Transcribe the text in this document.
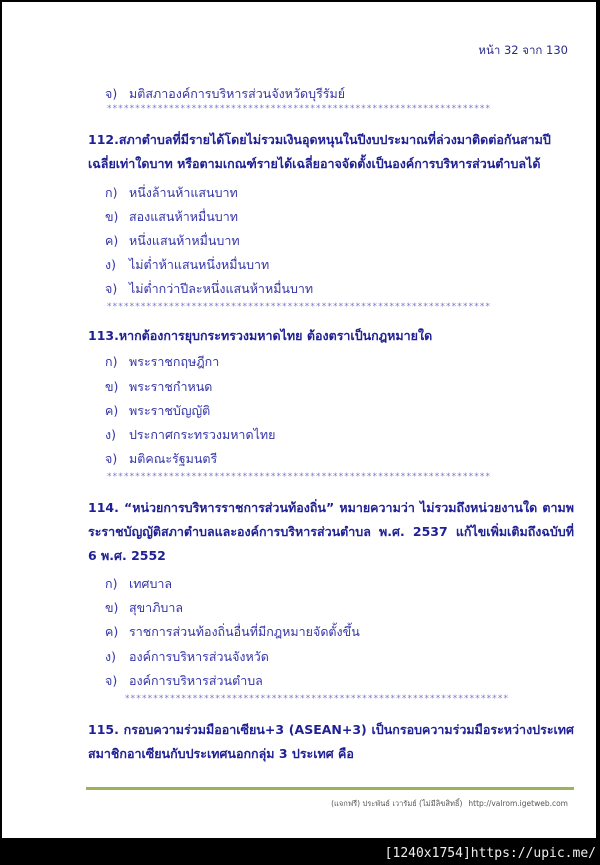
หน้า 32 จาก 130
จ) มติสภาองค์การบริหารส่วนจังหวัดบุรีรัมย์
********************************************************************
112.สภาตำบลที่มีรายได้โดยไม่รวมเงินอุดหนุนในปีงบประมาณที่ล่วงมาติดต่อกันสามปีเฉลี่ยเท่าใดบาท หรือตามเกณฑ์รายได้เฉลี่ยอาจจัดตั้งเป็นองค์การบริหารส่วนตำบลได้
ก) หนึ่งล้านห้าแสนบาท
ข) สองแสนห้าหมื่นบาท
ค) หนึ่งแสนห้าหมื่นบาท
ง) ไม่ต่ำห้าแสนหนึ่งหมื่นบาท
จ) ไม่ต่ำกว่าปีละหนึ่งแสนห้าหมื่นบาท
********************************************************************
113.หากต้องการยุบกระทรวงมหาดไทย ต้องตราเป็นกฎหมายใด
ก) พระราชกฤษฎีกา
ข) พระราชกำหนด
ค) พระราชบัญญัติ
ง) ประกาศกระทรวงมหาดไทย
จ) มติคณะรัฐมนตรี
********************************************************************
114. “หน่วยการบริหารราชการส่วนท้องถิ่น” หมายความว่า ไม่รวมถึงหน่วยงานใด ตามพระราชบัญญัติสภาตำบลและองค์การบริหารส่วนตำบล พ.ศ. 2537 แก้ไขเพิ่มเติมถึงฉบับที่ 6 พ.ศ. 2552
ก) เทศบาล
ข) สุขาภิบาล
ค) ราชการส่วนท้องถิ่นอื่นที่มีกฎหมายจัดตั้งขึ้น
ง) องค์การบริหารส่วนจังหวัด
จ) องค์การบริหารส่วนตำบล
********************************************************************
115. กรอบความร่วมมืออาเซียน+3 (ASEAN+3) เป็นกรอบความร่วมมือระหว่างประเทศสมาชิกอาเซียนกับประเทศนอกกลุ่ม 3 ประเทศ คือ
(แจกฟรี) ประพันธ์ เวารัมย์ (ไม่มีลิขสิทธิ์) http://valrom.igetweb.com
[1240x1754]https://upic.me/
